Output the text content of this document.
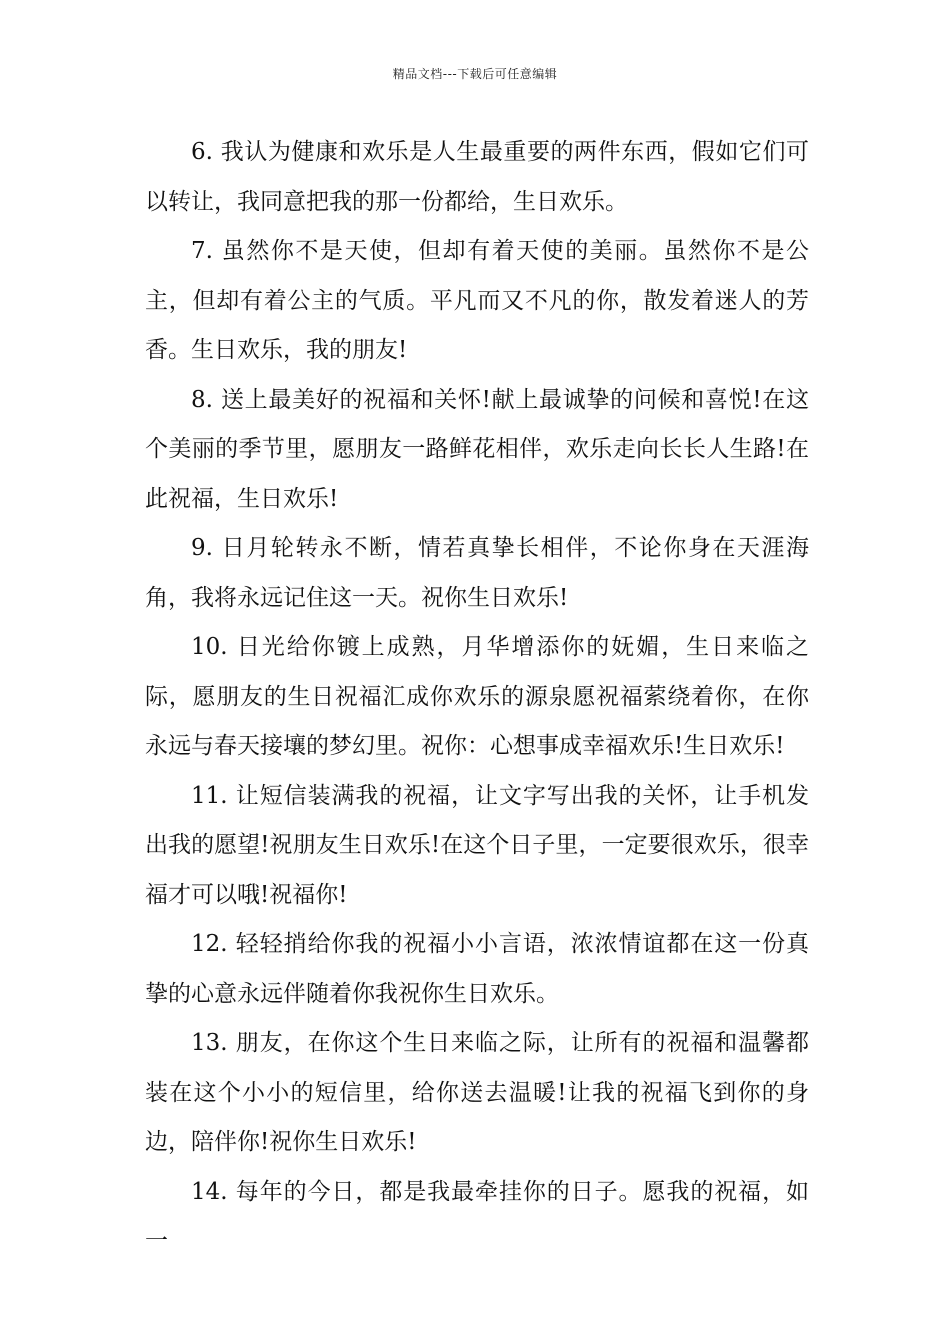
精品文档---下载后可任意编辑

6. 我认为健康和欢乐是人生最重要的两件东西，假如它们可以转让，我同意把我的那一份都给，生日欢乐。

7. 虽然你不是天使，但却有着天使的美丽。虽然你不是公主，但却有着公主的气质。平凡而又不凡的你，散发着迷人的芳香。生日欢乐，我的朋友!

8. 送上最美好的祝福和关怀!献上最诚挚的问候和喜悦!在这个美丽的季节里，愿朋友一路鲜花相伴，欢乐走向长长人生路!在此祝福，生日欢乐!

9. 日月轮转永不断，情若真挚长相伴，不论你身在天涯海角，我将永远记住这一天。祝你生日欢乐!

10. 日光给你镀上成熟，月华增添你的妩媚，生日来临之际，愿朋友的生日祝福汇成你欢乐的源泉愿祝福萦绕着你，在你永远与春天接壤的梦幻里。祝你：心想事成幸福欢乐!生日欢乐!

11. 让短信装满我的祝福，让文字写出我的关怀，让手机发出我的愿望!祝朋友生日欢乐!在这个日子里，一定要很欢乐，很幸福才可以哦!祝福你!

12. 轻轻捎给你我的祝福小小言语，浓浓情谊都在这一份真挚的心意永远伴随着你我祝你生日欢乐。

13. 朋友，在你这个生日来临之际，让所有的祝福和温馨都装在这个小小的短信里，给你送去温暖!让我的祝福飞到你的身边，陪伴你!祝你生日欢乐!

14. 每年的今日，都是我最牵挂你的日子。愿我的祝福，如一
